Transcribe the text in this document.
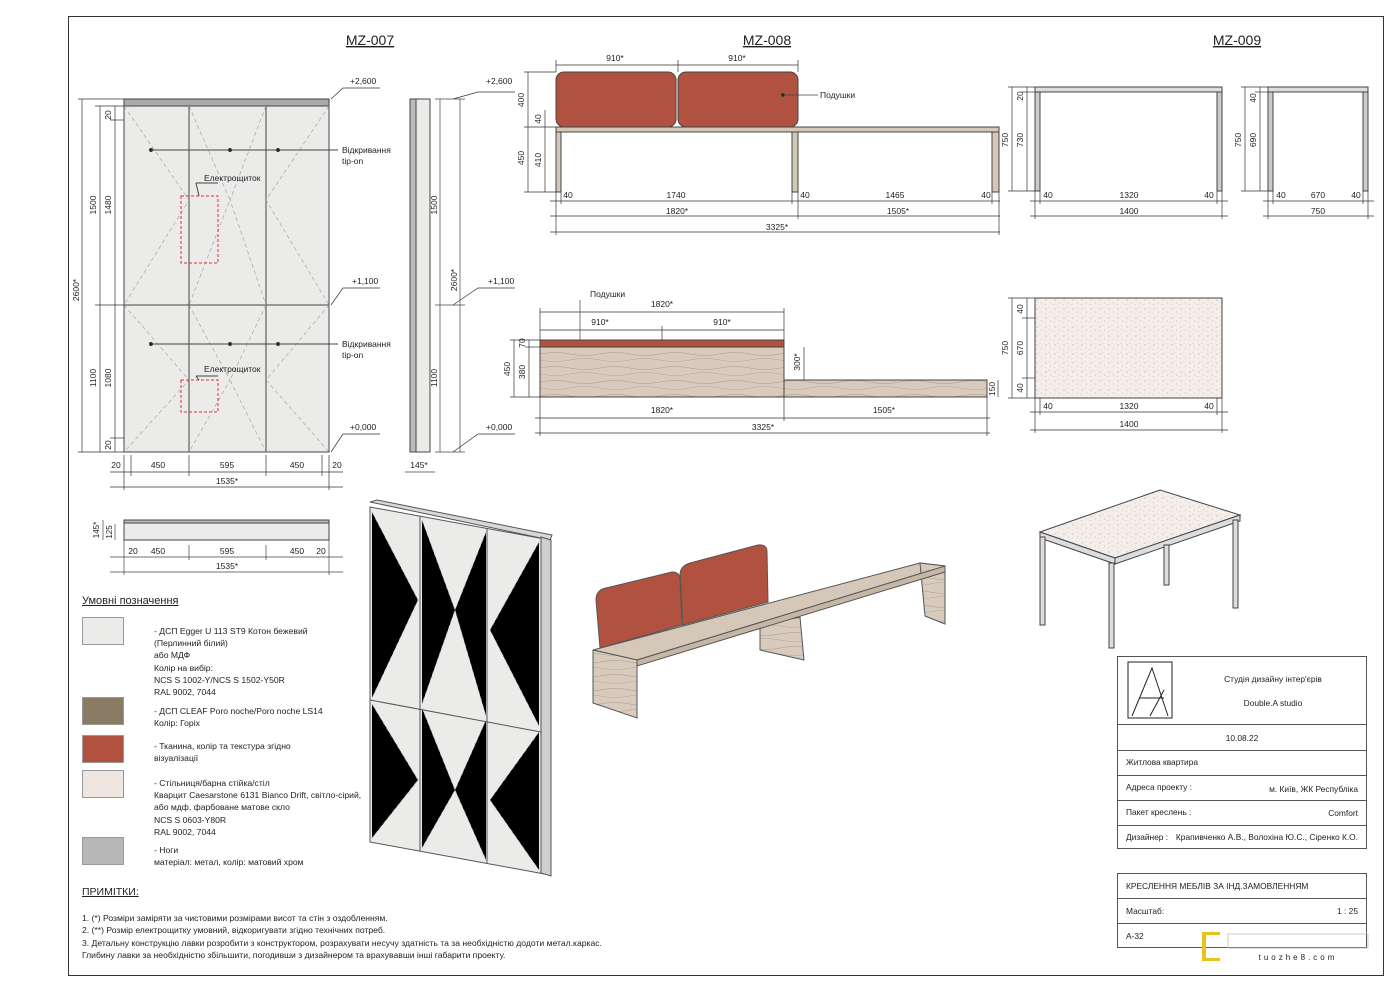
MZ-007	MZ-008	MZ-009
Відкривання
tip-on
Відкривання
tip-on
Електрощиток
Електрощиток
2600*
1500
1100
1480
1080
20
20
20	450	595	450	20
1535*
+2,600
+1,100
+0,000
+2,600
+1,100
+0,000
1500
1100
2600*
145*
145* 125
20 450	595	450 20
1535*
Подушки
910*	910*
400
450
40
410
40	1740	40	1465	40
1820*	1505*
3325*
Подушки
1820*
910*	910*
450
70
380
300*
150
1820*	1505*
3325*
20
730
750
40	1320	40
1400
40
690
750
40	670	40
750
40
670
40
750
40	1320	40
1400
Умовні позначення
- ДСП Egger U 113 ST9 Котон бежевий
(Перлинний білий)
або МДФ
Колір на вибір:
NCS S 1002-Y/NCS S 1502-Y50R
RAL 9002, 7044
- ДСП CLEAF Poro noche/Poro noche LS14
Колір: Горіх
- Тканина, колір та текстура згідно
візуалізації
- Стільниця/барна стійка/стіл
Кварцит Caesarstone 6131 Bianco Drift, світло-сірий,
або мдф, фарбоване матове скло
NCS S 0603-Y80R
RAL 9002, 7044
- Ноги
матеріал: метал, колір: матовий хром
ПРИМІТКИ:

1. (*) Розміри заміряти за чистовими розмірами висот та стін з оздобленням.

2. (**) Розмір електрощитку умовний, відкоригувати згідно технічних потреб.

3. Детальну конструкцію лавки розробити з конструктором, розрахувати несучу здатність та за необхідністю додоти метал.каркас.

Глибину лавки за необхідністю збільшити, погодивши з дизайнером та врахувавши інші габарити проекту.

Студія дизайну інтер'єрів
Double.A studio
10.08.22
Житлова квартира
Адреса проекту :	м. Київ, ЖК Республіка
Пакет креслень :	Comfort
Дизайнер : Крапивченко А.В., Волохіна Ю.С., Сіренко К.О.
КРЕСЛЕННЯ МЕБЛІВ ЗА ІНД.ЗАМОВЛЕННЯМ
Масштаб:	1 : 25
А-32
tuozhe8.com
